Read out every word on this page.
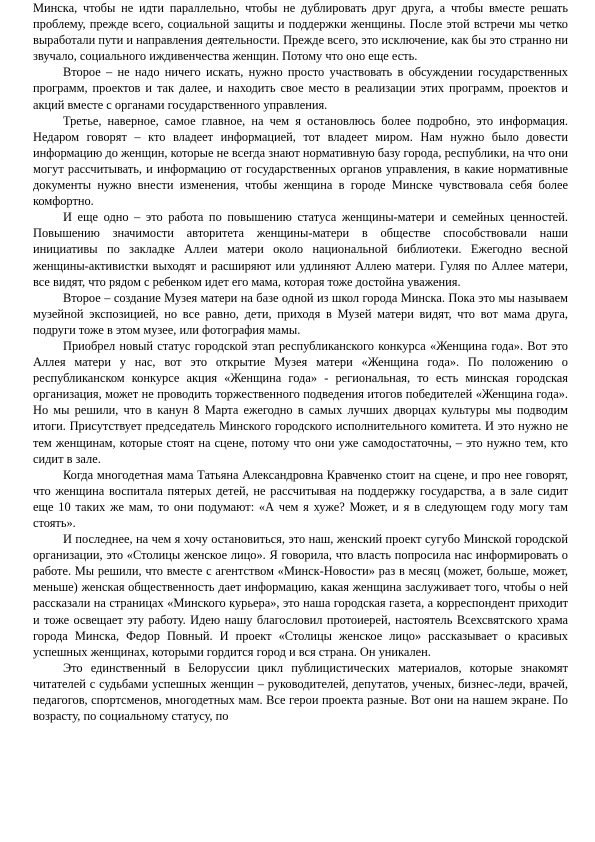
Минска, чтобы не идти параллельно, чтобы не дублировать друг друга, а чтобы вместе решать проблему, прежде всего, социальной защиты и поддержки женщины. После этой встречи мы четко выработали пути и направления деятельности. Прежде всего, это исключение, как бы это странно ни звучало, социального иждивенчества женщин. Потому что оно еще есть.

Второе – не надо ничего искать, нужно просто участвовать в обсуждении государственных программ, проектов и так далее, и находить свое место в реализации этих программ, проектов и акций вместе с органами государственного управления.

Третье, наверное, самое главное, на чем я остановлюсь более подробно, это информация. Недаром говорят – кто владеет информацией, тот владеет миром. Нам нужно было довести информацию до женщин, которые не всегда знают нормативную базу города, республики, на что они могут рассчитывать, и информацию от государственных органов управления, в какие нормативные документы нужно внести изменения, чтобы женщина в городе Минске чувствовала себя более комфортно.

И еще одно – это работа по повышению статуса женщины-матери и семейных ценностей. Повышению значимости авторитета женщины-матери в обществе способствовали наши инициативы по закладке Аллеи матери около национальной библиотеки. Ежегодно весной женщины-активистки выходят и расширяют или удлиняют Аллею матери. Гуляя по Аллее матери, все видят, что рядом с ребенком идет его мама, которая тоже достойна уважения.

Второе – создание Музея матери на базе одной из школ города Минска. Пока это мы называем музейной экспозицией, но все равно, дети, приходя в Музей матери видят, что вот мама друга, подруги тоже в этом музее, или фотография мамы.

Приобрел новый статус городской этап республиканского конкурса «Женщина года». Вот это Аллея матери у нас, вот это открытие Музея матери «Женщина года». По положению о республиканском конкурсе акция «Женщина года» - региональная, то есть минская городская организация, может не проводить торжественного подведения итогов победителей «Женщина года». Но мы решили, что в канун 8 Марта ежегодно в самых лучших дворцах культуры мы подводим итоги. Присутствует председатель Минского городского исполнительного комитета. И это нужно не тем женщинам, которые стоят на сцене, потому что они уже самодостаточны, – это нужно тем, кто сидит в зале.

Когда многодетная мама Татьяна Александровна Кравченко стоит на сцене, и про нее говорят, что женщина воспитала пятерых детей, не рассчитывая на поддержку государства, а в зале сидит еще 10 таких же мам, то они подумают: «А чем я хуже? Может, и я в следующем году могу там стоять».

И последнее, на чем я хочу остановиться, это наш, женский проект сугубо Минской городской организации, это «Столицы женское лицо». Я говорила, что власть попросила нас информировать о работе. Мы решили, что вместе с агентством «Минск-Новости» раз в месяц (может, больше, может, меньше) женская общественность дает информацию, какая женщина заслуживает того, чтобы о ней рассказали на страницах «Минского курьера», это наша городская газета, а корреспондент приходит и тоже освещает эту работу. Идею нашу благословил протоиерей, настоятель Всехсвятского храма города Минска, Федор Повный. И проект «Столицы женское лицо» рассказывает о красивых успешных женщинах, которыми гордится город и вся страна. Он уникален.

Это единственный в Белоруссии цикл публицистических материалов, которые знакомят читателей с судьбами успешных женщин – руководителей, депутатов, ученых, бизнес-леди, врачей, педагогов, спортсменов, многодетных мам. Все герои проекта разные. Вот они на нашем экране. По возрасту, по социальному статусу, по
